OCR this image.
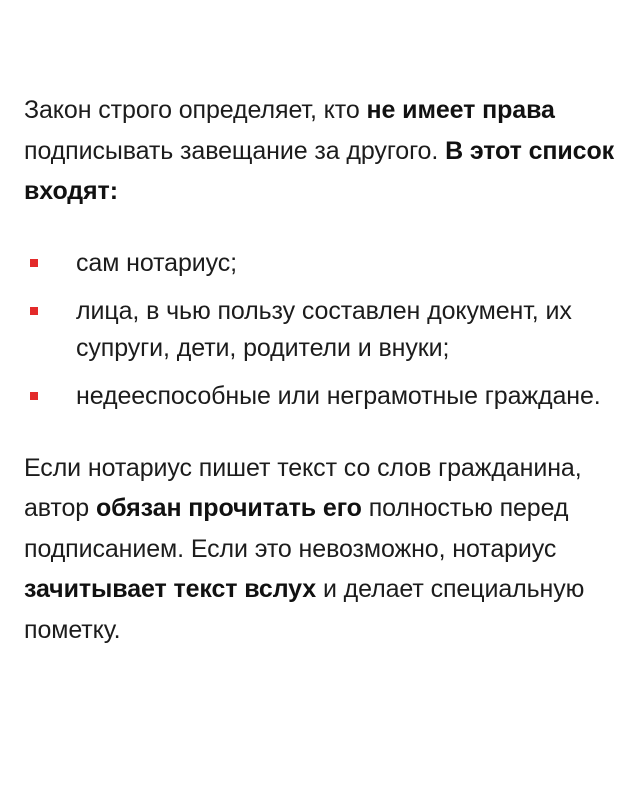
Закон строго определяет, кто не имеет права подписывать завещание за другого. В этот список входят:

сам нотариус;
лица, в чью пользу составлен документ, их супруги, дети, родители и внуки;
недееспособные или неграмотные граждане.

Если нотариус пишет текст со слов гражданина, автор обязан прочитать его полностью перед подписанием. Если это невозможно, нотариус зачитывает текст вслух и делает специальную пометку.
